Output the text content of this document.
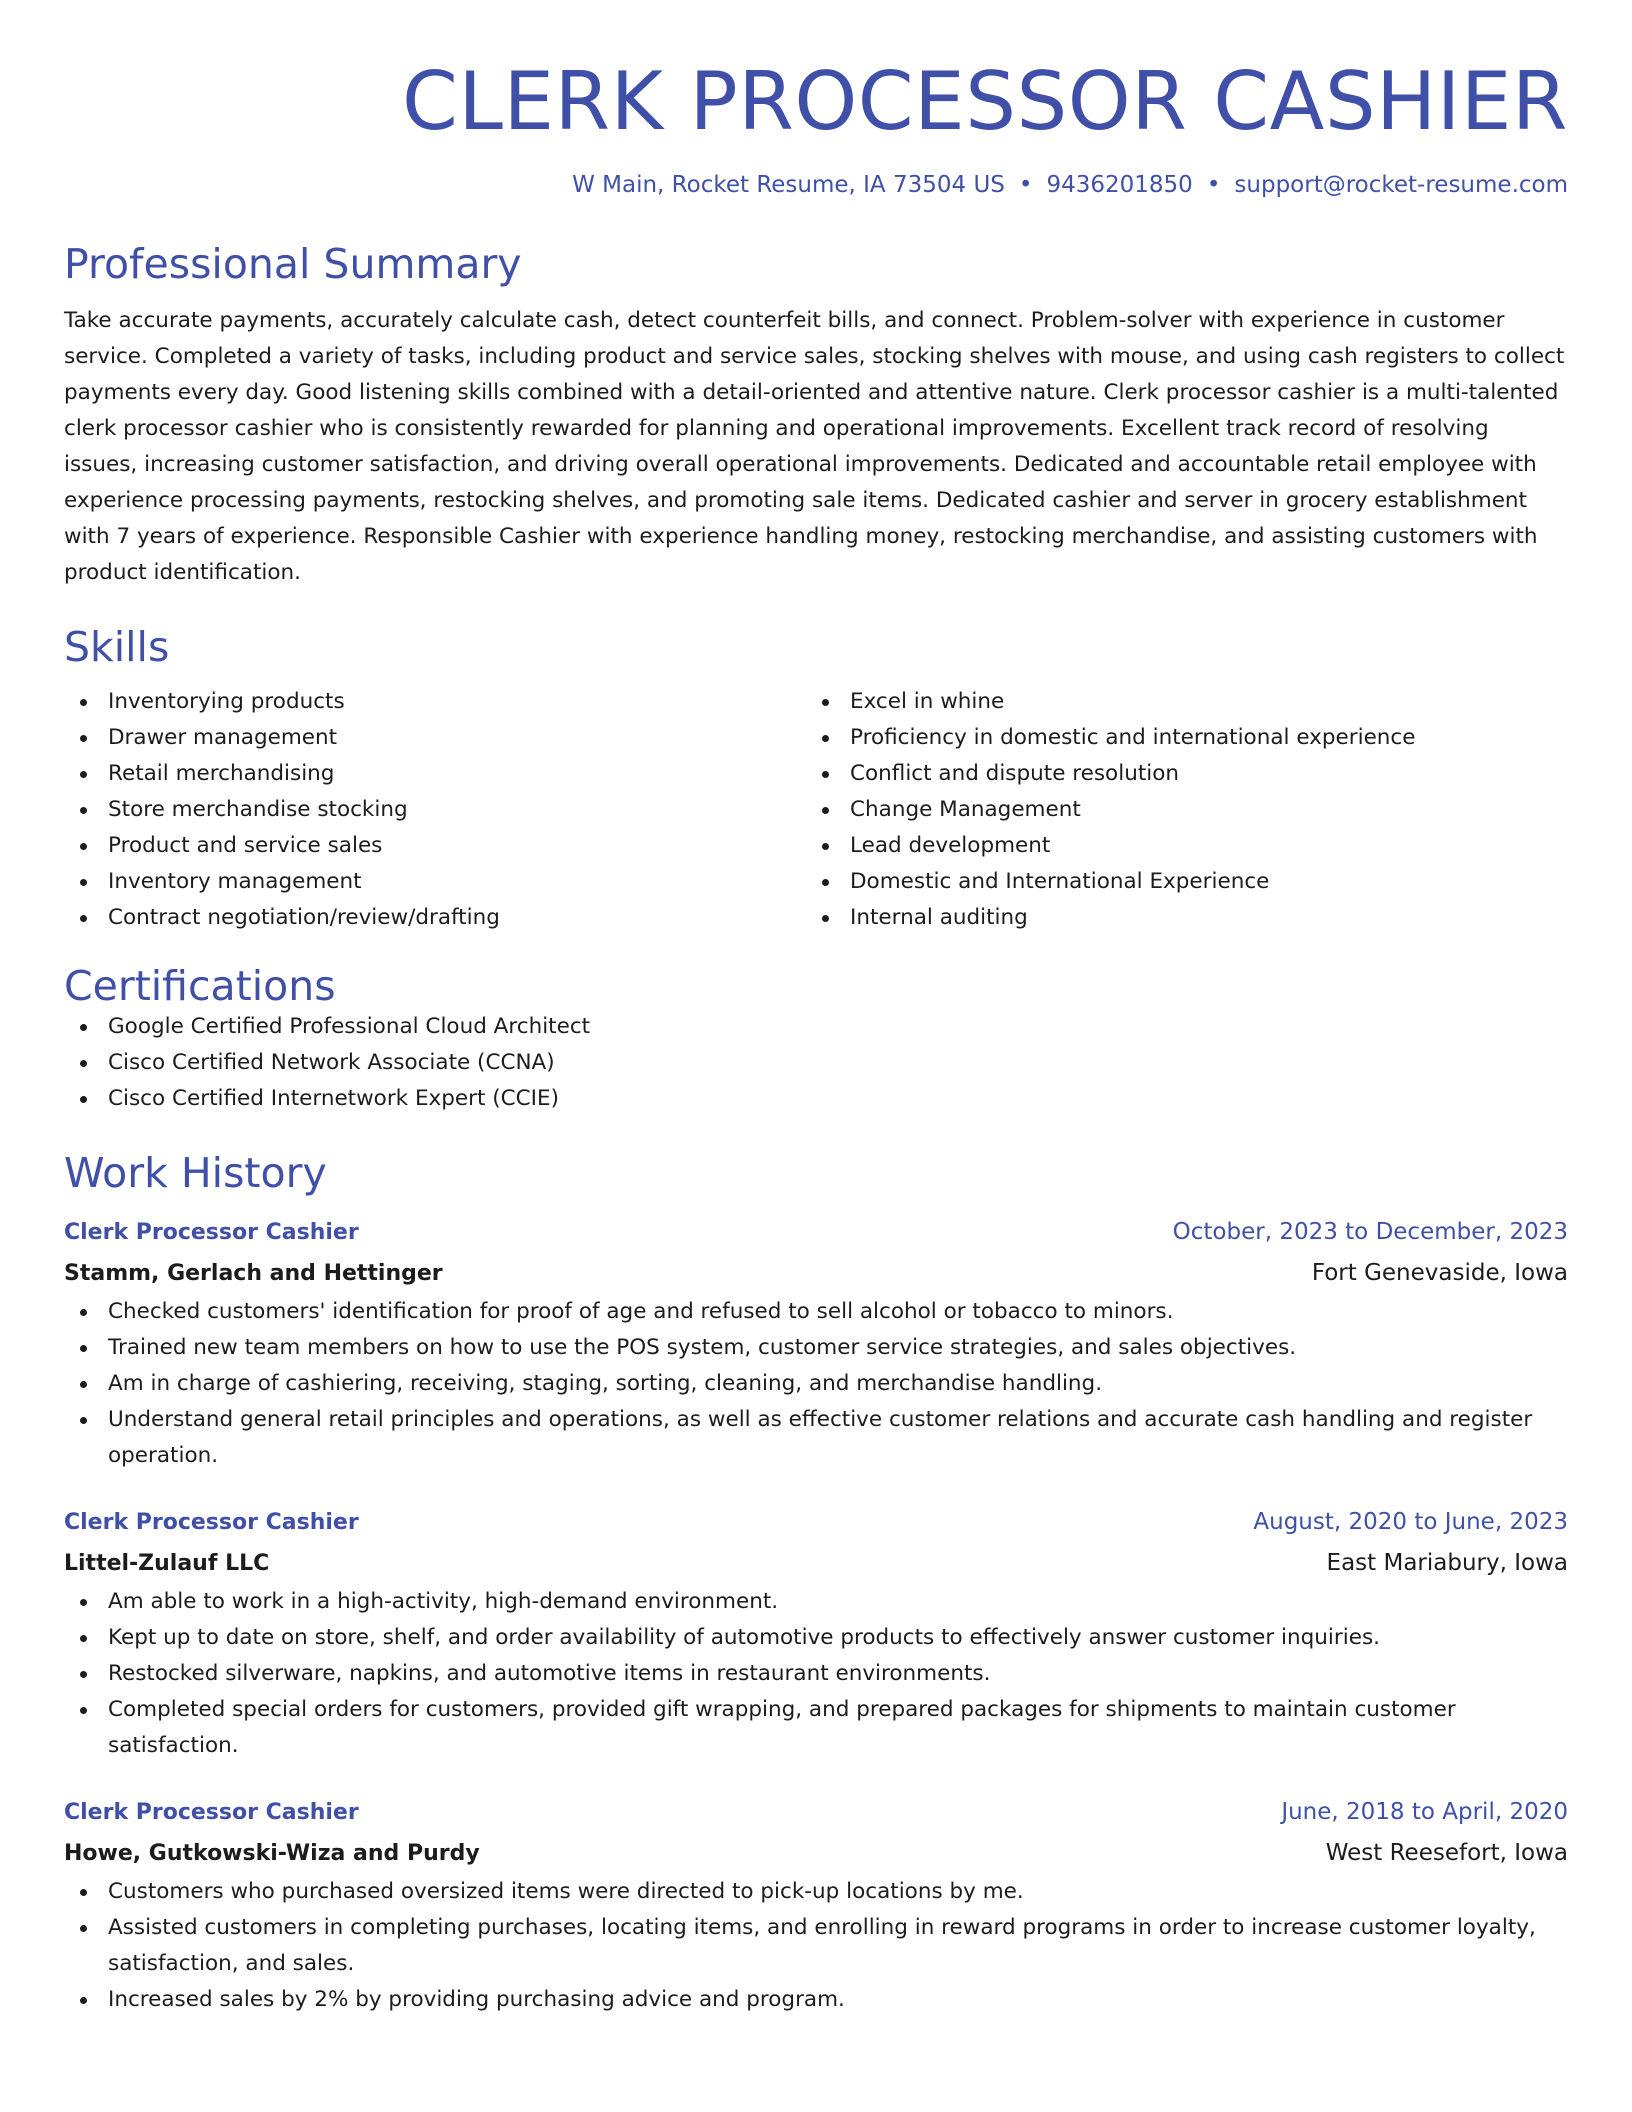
CLERK PROCESSOR CASHIER
W Main, Rocket Resume, IA 73504 US • 9436201850 • support@rocket-resume.com
Professional Summary
Take accurate payments, accurately calculate cash, detect counterfeit bills, and connect. Problem-solver with experience in customer service. Completed a variety of tasks, including product and service sales, stocking shelves with mouse, and using cash registers to collect payments every day. Good listening skills combined with a detail-oriented and attentive nature. Clerk processor cashier is a multi-talented clerk processor cashier who is consistently rewarded for planning and operational improvements. Excellent track record of resolving issues, increasing customer satisfaction, and driving overall operational improvements. Dedicated and accountable retail employee with experience processing payments, restocking shelves, and promoting sale items. Dedicated cashier and server in grocery establishment with 7 years of experience. Responsible Cashier with experience handling money, restocking merchandise, and assisting customers with product identification.
Skills
Inventorying products
Drawer management
Retail merchandising
Store merchandise stocking
Product and service sales
Inventory management
Contract negotiation/review/drafting
Excel in whine
Proficiency in domestic and international experience
Conflict and dispute resolution
Change Management
Lead development
Domestic and International Experience
Internal auditing
Certifications
Google Certified Professional Cloud Architect
Cisco Certified Network Associate (CCNA)
Cisco Certified Internetwork Expert (CCIE)
Work History
Clerk Processor Cashier	October, 2023 to December, 2023
Stamm, Gerlach and Hettinger	Fort Genevaside, Iowa
Checked customers' identification for proof of age and refused to sell alcohol or tobacco to minors.
Trained new team members on how to use the POS system, customer service strategies, and sales objectives.
Am in charge of cashiering, receiving, staging, sorting, cleaning, and merchandise handling.
Understand general retail principles and operations, as well as effective customer relations and accurate cash handling and register operation.
Clerk Processor Cashier	August, 2020 to June, 2023
Littel-Zulauf LLC	East Mariabury, Iowa
Am able to work in a high-activity, high-demand environment.
Kept up to date on store, shelf, and order availability of automotive products to effectively answer customer inquiries.
Restocked silverware, napkins, and automotive items in restaurant environments.
Completed special orders for customers, provided gift wrapping, and prepared packages for shipments to maintain customer satisfaction.
Clerk Processor Cashier	June, 2018 to April, 2020
Howe, Gutkowski-Wiza and Purdy	West Reesefort, Iowa
Customers who purchased oversized items were directed to pick-up locations by me.
Assisted customers in completing purchases, locating items, and enrolling in reward programs in order to increase customer loyalty, satisfaction, and sales.
Increased sales by 2% by providing purchasing advice and program.
